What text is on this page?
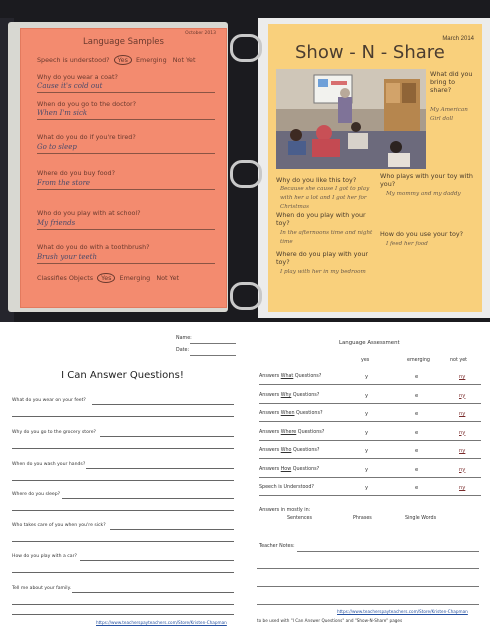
October 2013
Language Samples
Speech is understood? Yes Emerging Not Yet
Why do you wear a coat?
Cause it's cold out
When do you go to the doctor?
When I'm sick
What do you do if you're tired?
Go to sleep
Where do you buy food?
From the store
Who do you play with at school?
My friends
What do you do with a toothbrush?
Brush your teeth
Classifies Objects Yes Emerging Not Yet
March 2014
Show - N - Share
What did you bring to share?
My American Girl doll
Why do you like this toy?
Because she cause I got to play with her a lot and I got her for Christmas
Who plays with your toy with you?
My mommy and my daddy
When do you play with your toy?
In the afternoons time and night time
How do you use your toy?
I feed her food
Where do you play with your toy?
I play with her in my bedroom
Name:
Date:
I Can Answer Questions!
What do you wear on your feet?
Why do you go to the grocery store?
When do you wash your hands?
Where do you sleep?
Who takes care of you when you're sick?
How do you play with a car?
Tell me about your family.
https://www.teacherspayteachers.com/Store/Kristen-Chapman
Language Assessment
yes	emerging	not yet
Answers What Questions?	y	e	ny
Answers Why Questions?	y	e	ny
Answers When Questions?	y	e	ny
Answers Where Questions?	y	e	ny
Answers Who Questions?	y	e	ny
Answers How Questions?	y	e	ny
Speech is Understood?	y	e	ny
Answers in mostly in:
Sentences	Phrases	Single Words
Teacher Notes:
https://www.teacherspayteachers.com/Store/Kristen-Chapman
to be used with "I Can Answer Questions" and "Show-N-Share" pages
